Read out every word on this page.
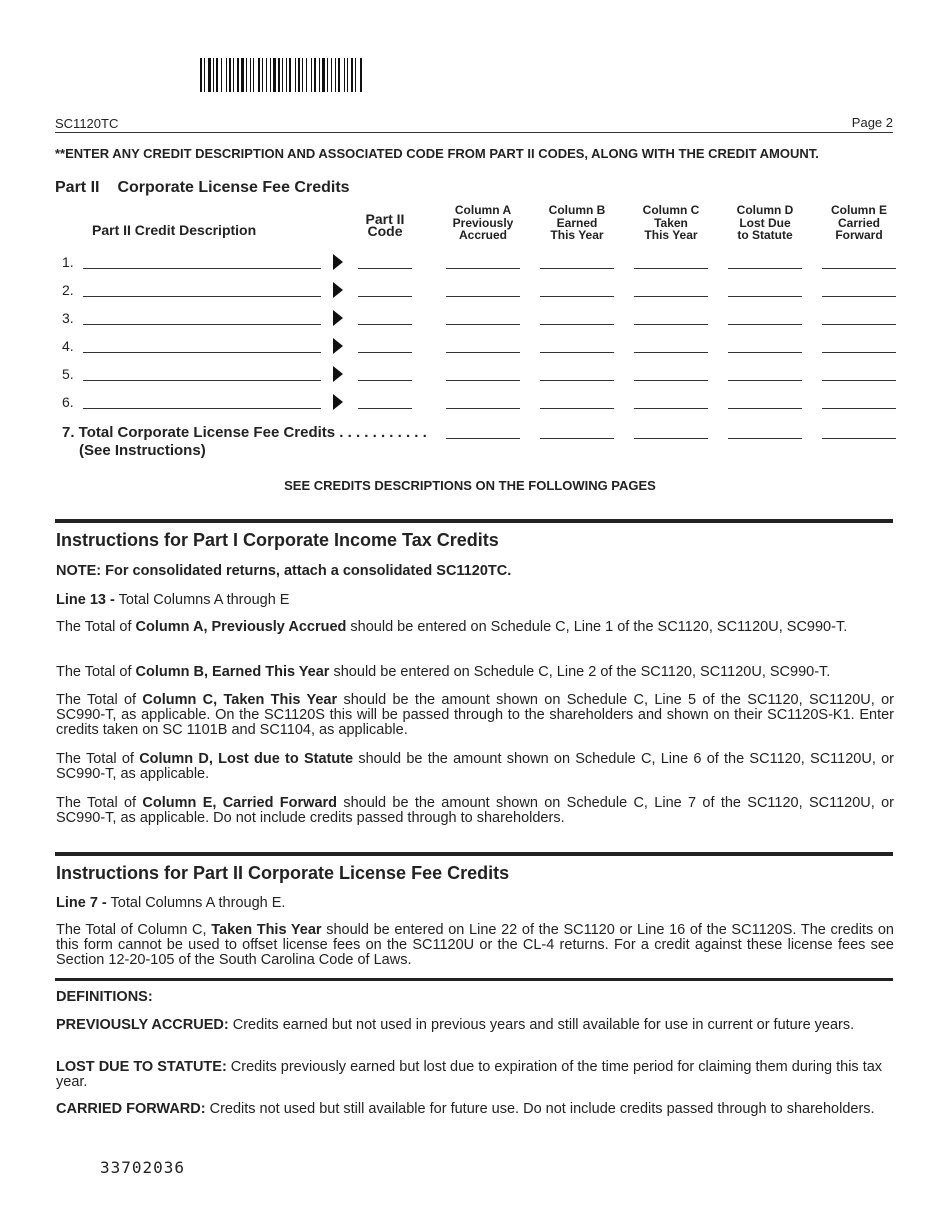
SC1120TC	Page 2
**ENTER ANY CREDIT DESCRIPTION AND ASSOCIATED CODE FROM PART II CODES, ALONG WITH THE CREDIT AMOUNT.
Part II Corporate License Fee Credits
Part II Credit Description
Part II
Code
Column A
Previously
Accrued
Column B
Earned
This Year
Column C
Taken
This Year
Column D
Lost Due
to Statute
Column E
Carried
Forward
1.
2.
3.
4.
5.
6.
7. Total Corporate License Fee Credits . . . . . . . . . . .
(See Instructions)
SEE CREDITS DESCRIPTIONS ON THE FOLLOWING PAGES
Instructions for Part I Corporate Income Tax Credits

NOTE: For consolidated returns, attach a consolidated SC1120TC.

Line 13 - Total Columns A through E

The Total of Column A, Previously Accrued should be entered on Schedule C, Line 1 of the SC1120, SC1120U, SC990-T.

The Total of Column B, Earned This Year should be entered on Schedule C, Line 2 of the SC1120, SC1120U, SC990-T.

The Total of Column C, Taken This Year should be the amount shown on Schedule C, Line 5 of the SC1120, SC1120U, or SC990-T, as applicable. On the SC1120S this will be passed through to the shareholders and shown on their SC1120S-K1. Enter credits taken on SC 1101B and SC1104, as applicable.

The Total of Column D, Lost due to Statute should be the amount shown on Schedule C, Line 6 of the SC1120, SC1120U, or SC990-T, as applicable.

The Total of Column E, Carried Forward should be the amount shown on Schedule C, Line 7 of the SC1120, SC1120U, or SC990-T, as applicable. Do not include credits passed through to shareholders.

Instructions for Part II Corporate License Fee Credits

Line 7 - Total Columns A through E.

The Total of Column C, Taken This Year should be entered on Line 22 of the SC1120 or Line 16 of the SC1120S. The credits on this form cannot be used to offset license fees on the SC1120U or the CL-4 returns. For a credit against these license fees see Section 12-20-105 of the South Carolina Code of Laws.

DEFINITIONS:

PREVIOUSLY ACCRUED: Credits earned but not used in previous years and still available for use in current or future years.

LOST DUE TO STATUTE: Credits previously earned but lost due to expiration of the time period for claiming them during this tax year.

CARRIED FORWARD: Credits not used but still available for future use. Do not include credits passed through to shareholders.

33702036
